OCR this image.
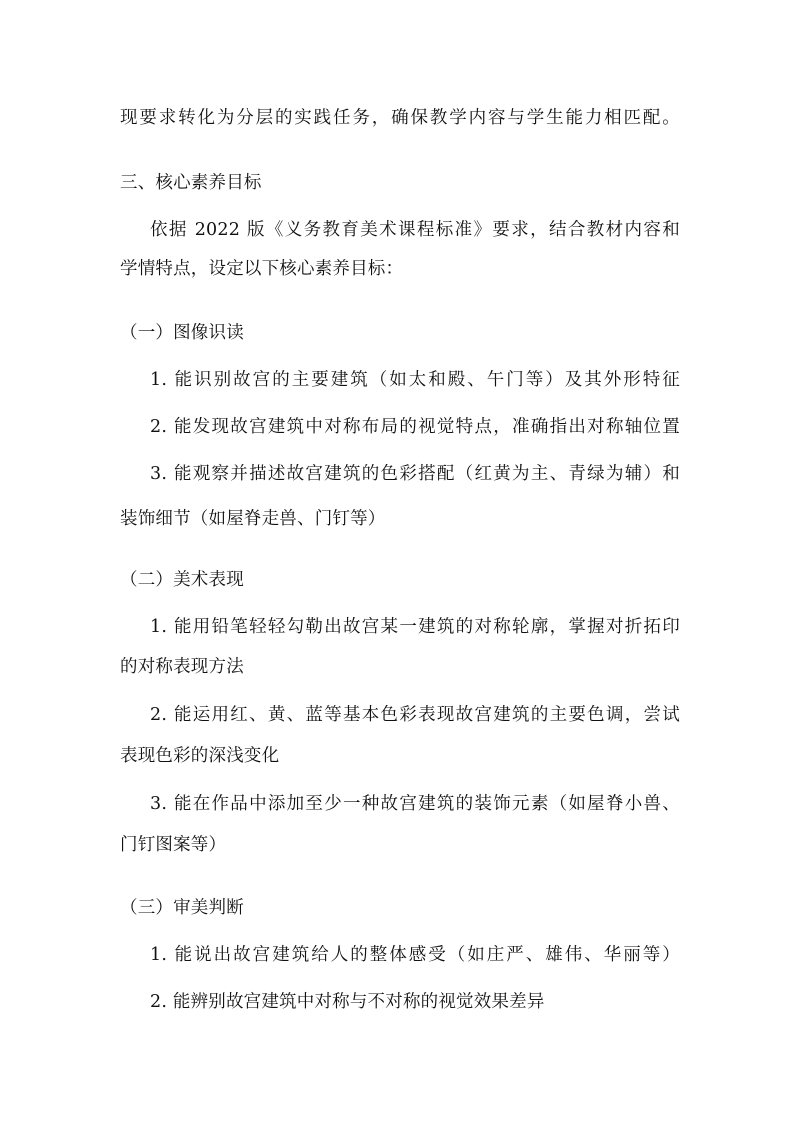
现要求转化为分层的实践任务，确保教学内容与学生能力相匹配。
三、核心素养目标
依据 2022 版《义务教育美术课程标准》要求，结合教材内容和
学情特点，设定以下核心素养目标：
（一）图像识读
1. 能识别故宫的主要建筑（如太和殿、午门等）及其外形特征
2. 能发现故宫建筑中对称布局的视觉特点，准确指出对称轴位置
3. 能观察并描述故宫建筑的色彩搭配（红黄为主、青绿为辅）和
装饰细节（如屋脊走兽、门钉等）
（二）美术表现
1. 能用铅笔轻轻勾勒出故宫某一建筑的对称轮廓，掌握对折拓印
的对称表现方法
2. 能运用红、黄、蓝等基本色彩表现故宫建筑的主要色调，尝试
表现色彩的深浅变化
3. 能在作品中添加至少一种故宫建筑的装饰元素（如屋脊小兽、
门钉图案等）
（三）审美判断
1. 能说出故宫建筑给人的整体感受（如庄严、雄伟、华丽等）
2. 能辨别故宫建筑中对称与不对称的视觉效果差异
